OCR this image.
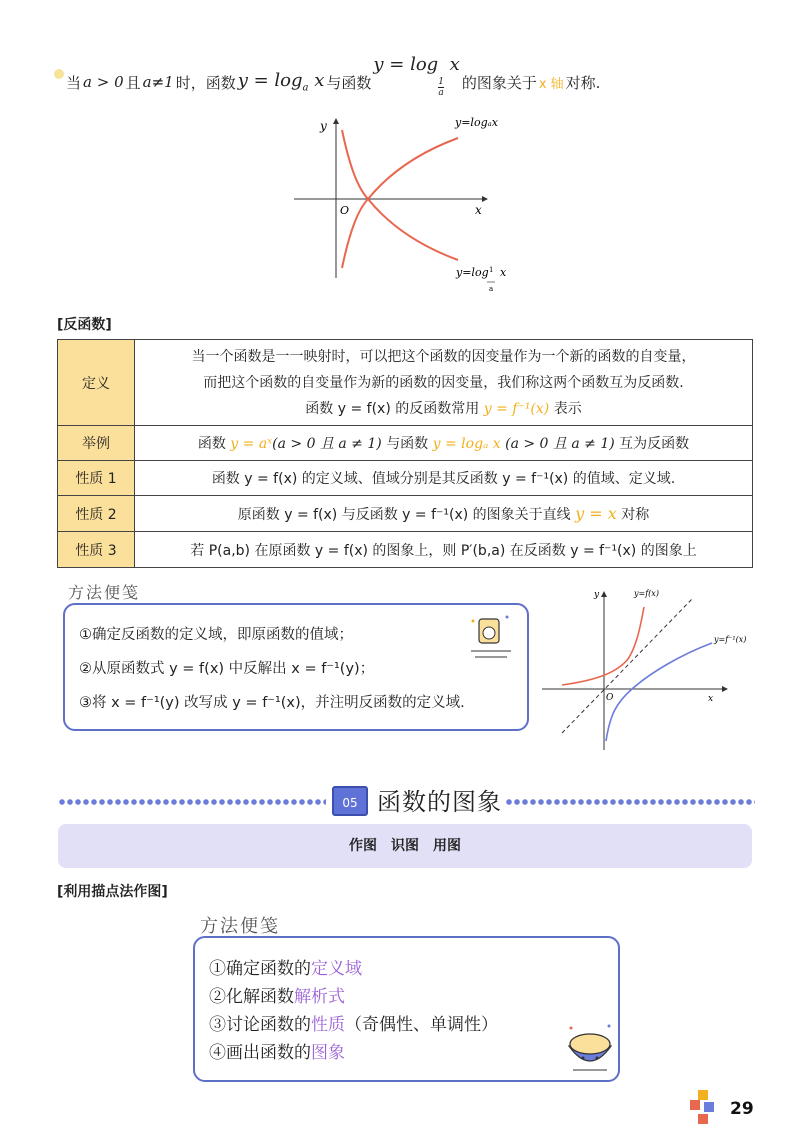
当 a > 0 且 a≠1 时，函数 $y = \log_a x$ 与函数
y = log
$\frac{1}{a}$
x
的图象关于 x 轴 对称.
y
x
O
y=logₐx
y=log 1
a
x
[反函数]
定义	当一个函数是一一映射时，可以把这个函数的因变量作为一个新的函数的自变量，
而把这个函数的自变量作为新的函数的因变量，我们称这两个函数互为反函数.
函数 y = f(x) 的反函数常用 y = f⁻¹(x) 表示

举例	函数 y = aˣ(a > 0 且 a ≠ 1) 与函数 y = logₐ x (a > 0 且 a ≠ 1) 互为反函数
性质 1	函数 y = f(x) 的定义域、值域分别是其反函数 y = f⁻¹(x) 的值域、定义域.
性质 2	原函数 y = f(x) 与反函数 y = f⁻¹(x) 的图象关于直线 y = x 对称
性质 3	若 P(a,b) 在原函数 y = f(x) 的图象上，则 P′(b,a) 在反函数 y = f⁻¹(x) 的图象上
方法便笺
①确定反函数的定义域，即原函数的值域；
②从原函数式 y = f(x) 中反解出 x = f⁻¹(y)；
③将 x = f⁻¹(y) 改写成 y = f⁻¹(x)，并注明反函数的定义域.
y
x
O
y=f(x)
y=f⁻¹(x)
05 函数的图象
作图　识图　用图
[利用描点法作图]
方法便笺
①确定函数的定义域
②化解函数解析式
③讨论函数的性质（奇偶性、单调性）
④画出函数的图象
29
